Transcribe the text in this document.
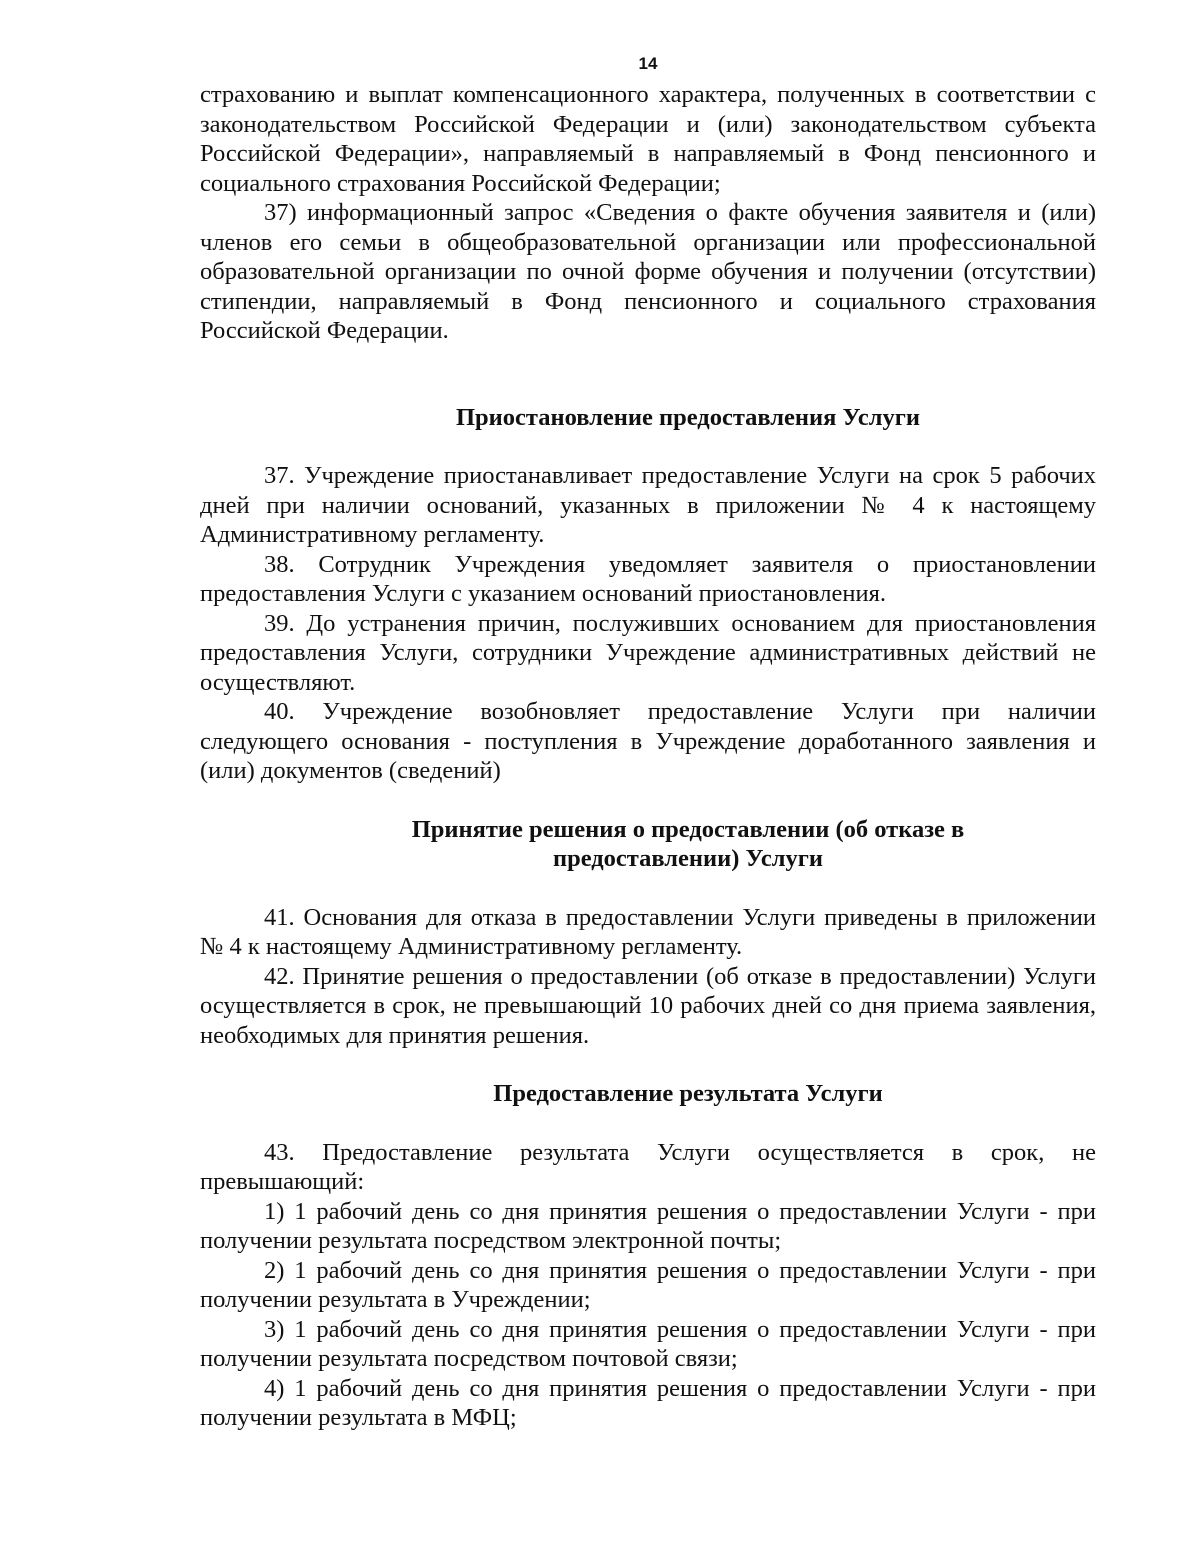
14

страхованию и выплат компенсационного характера, полученных в соответствии с законодательством Российской Федерации и (или) законодательством субъекта Российской Федерации», направляемый в направляемый в Фонд пенсионного и социального страхования Российской Федерации;

37) информационный запрос «Сведения о факте обучения заявителя и (или) членов его семьи в общеобразовательной организации или профессиональной образовательной организации по очной форме обучения и получении (отсутствии) стипендии, направляемый в Фонд пенсионного и социального страхования Российской Федерации.

Приостановление предоставления Услуги

37. Учреждение приостанавливает предоставление Услуги на срок 5 рабочих дней при наличии оснований, указанных в приложении № 4 к настоящему Административному регламенту.

38. Сотрудник Учреждения уведомляет заявителя о приостановлении предоставления Услуги с указанием оснований приостановления.

39. До устранения причин, послуживших основанием для приостановления предоставления Услуги, сотрудники Учреждение административных действий не осуществляют.

40. Учреждение возобновляет предоставление Услуги при наличии следующего основания - поступления в Учреждение доработанного заявления и (или) документов (сведений)

Принятие решения о предоставлении (об отказе в

предоставлении) Услуги

41. Основания для отказа в предоставлении Услуги приведены в приложении № 4 к настоящему Административному регламенту.

42. Принятие решения о предоставлении (об отказе в предоставлении) Услуги осуществляется в срок, не превышающий 10 рабочих дней со дня приема заявления, необходимых для принятия решения.

Предоставление результата Услуги

43. Предоставление результата Услуги осуществляется в срок, не превышающий:

1) 1 рабочий день со дня принятия решения о предоставлении Услуги - при получении результата посредством электронной почты;

2) 1 рабочий день со дня принятия решения о предоставлении Услуги - при получении результата в Учреждении;

3) 1 рабочий день со дня принятия решения о предоставлении Услуги - при получении результата посредством почтовой связи;

4) 1 рабочий день со дня принятия решения о предоставлении Услуги - при получении результата в МФЦ;
